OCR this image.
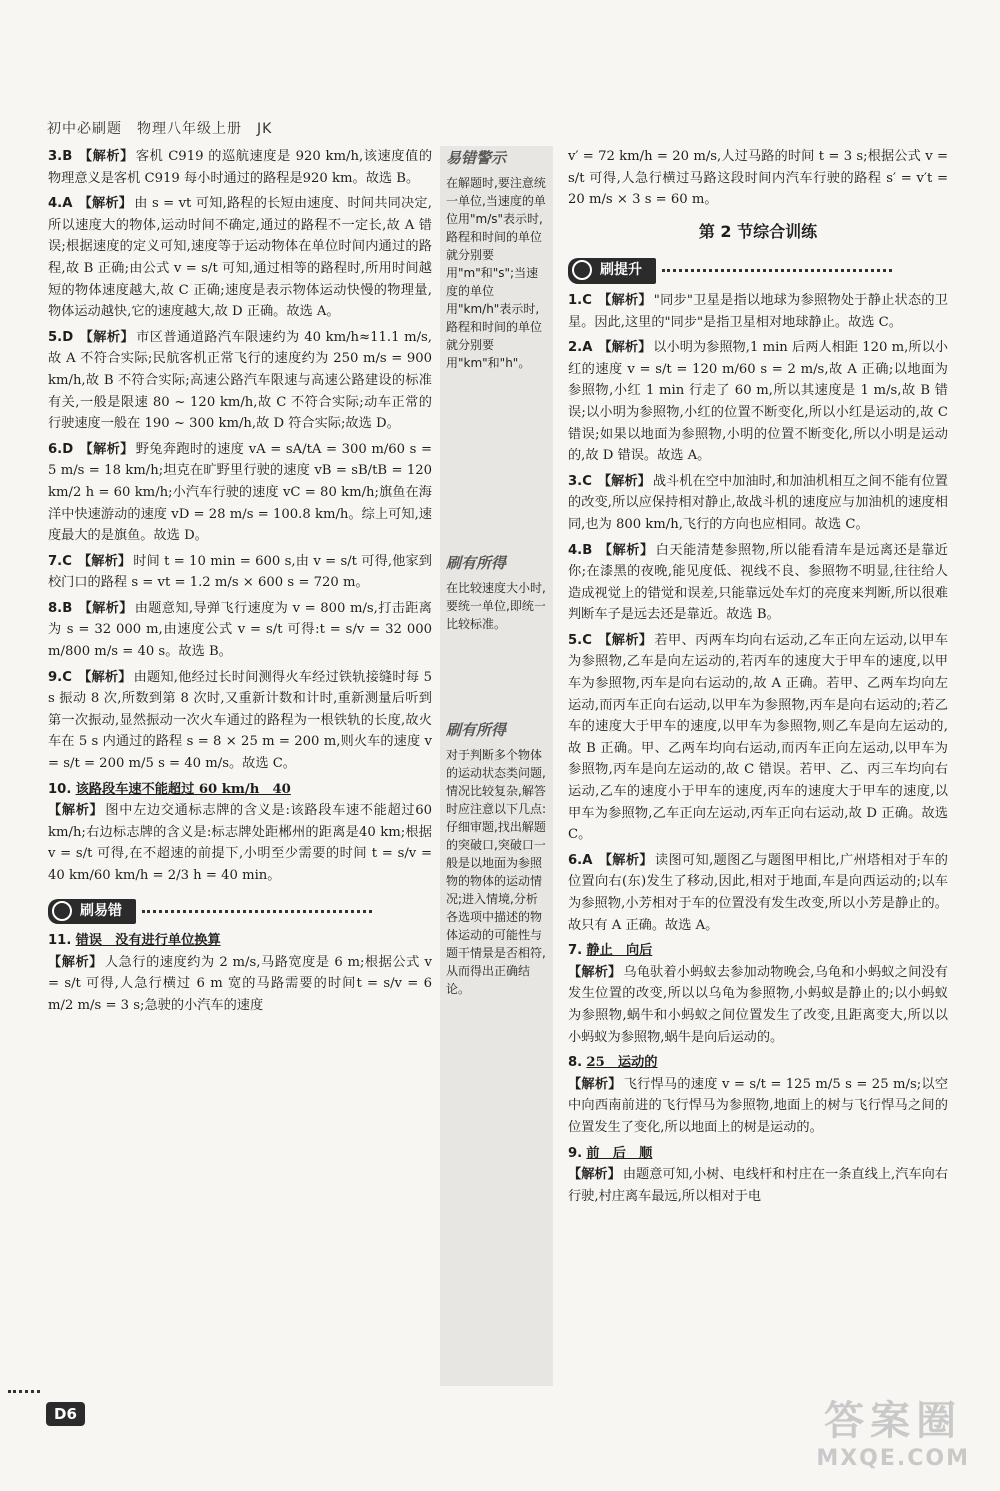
初中必刷题　物理八年级上册　JK
3.B 【解析】 客机 C919 的巡航速度是 920 km/h,该速度值的物理意义是客机 C919 每小时通过的路程是920 km。故选 B。
4.A 【解析】 由 s = vt 可知,路程的长短由速度、时间共同决定,所以速度大的物体,运动时间不确定,通过的路程不一定长,故 A 错误;根据速度的定义可知,速度等于运动物体在单位时间内通过的路程,故 B 正确;由公式 v = s/t 可知,通过相等的路程时,所用时间越短的物体速度越大,故 C 正确;速度是表示物体运动快慢的物理量,物体运动越快,它的速度越大,故 D 正确。故选 A。
5.D 【解析】 市区普通道路汽车限速约为 40 km/h≈11.1 m/s,故 A 不符合实际;民航客机正常飞行的速度约为 250 m/s = 900 km/h,故 B 不符合实际;高速公路汽车限速与高速公路建设的标准有关,一般是限速 80 ~ 120 km/h,故 C 不符合实际;动车正常的行驶速度一般在 190 ~ 300 km/h,故 D 符合实际;故选 D。
6.D 【解析】 野兔奔跑时的速度 vA = sA/tA = 300 m/60 s = 5 m/s = 18 km/h;坦克在旷野里行驶的速度 vB = sB/tB = 120 km/2 h = 60 km/h;小汽车行驶的速度 vC = 80 km/h;旗鱼在海洋中快速游动的速度 vD = 28 m/s = 100.8 km/h。综上可知,速度最大的是旗鱼。故选 D。
7.C 【解析】 时间 t = 10 min = 600 s,由 v = s/t 可得,他家到校门口的路程 s = vt = 1.2 m/s × 600 s = 720 m。
8.B 【解析】 由题意知,导弹飞行速度为 v = 800 m/s,打击距离为 s = 32 000 m,由速度公式 v = s/t 可得:t = s/v = 32 000 m/800 m/s = 40 s。故选 B。
9.C 【解析】 由题知,他经过长时间测得火车经过铁轨接缝时每 5 s 振动 8 次,所数到第 8 次时,又重新计数和计时,重新测量后听到第一次振动,显然振动一次火车通过的路程为一根铁轨的长度,故火车在 5 s 内通过的路程 s = 8 × 25 m = 200 m,则火车的速度 v = s/t = 200 m/5 s = 40 m/s。故选 C。
10. 该路段车速不能超过 60 km/h　40
【解析】 图中左边交通标志牌的含义是:该路段车速不能超过60 km/h;右边标志牌的含义是:标志牌处距郴州的距离是40 km;根据 v = s/t 可得,在不超速的前提下,小明至少需要的时间 t = s/v = 40 km/60 km/h = 2/3 h = 40 min。
刷易错
11. 错误　没有进行单位换算
【解析】 人急行的速度约为 2 m/s,马路宽度是 6 m;根据公式 v = s/t 可得,人急行横过 6 m 宽的马路需要的时间t = s/v = 6 m/2 m/s = 3 s;急驶的小汽车的速度
易错警示
在解题时,要注意统一单位,当速度的单位用"m/s"表示时,路程和时间的单位就分别要用"m"和"s";当速度的单位用"km/h"表示时,路程和时间的单位就分别要用"km"和"h"。
刷有所得
在比较速度大小时,要统一单位,即统一比较标准。
刷有所得
对于判断多个物体的运动状态类问题,情况比较复杂,解答时应注意以下几点:仔细审题,找出解题的突破口,突破口一般是以地面为参照物的物体的运动情况;进入情境,分析各选项中描述的物体运动的可能性与题干情景是否相符,从而得出正确结论。
v′ = 72 km/h = 20 m/s,人过马路的时间 t = 3 s;根据公式 v = s/t 可得,人急行横过马路这段时间内汽车行驶的路程 s′ = v′t = 20 m/s × 3 s = 60 m。
第 2 节综合训练
刷提升
1.C 【解析】 "同步"卫星是指以地球为参照物处于静止状态的卫星。因此,这里的"同步"是指卫星相对地球静止。故选 C。
2.A 【解析】 以小明为参照物,1 min 后两人相距 120 m,所以小红的速度 v = s/t = 120 m/60 s = 2 m/s,故 A 正确;以地面为参照物,小红 1 min 行走了 60 m,所以其速度是 1 m/s,故 B 错误;以小明为参照物,小红的位置不断变化,所以小红是运动的,故 C 错误;如果以地面为参照物,小明的位置不断变化,所以小明是运动的,故 D 错误。故选 A。
3.C 【解析】 战斗机在空中加油时,和加油机相互之间不能有位置的改变,所以应保持相对静止,故战斗机的速度应与加油机的速度相同,也为 800 km/h,飞行的方向也应相同。故选 C。
4.B 【解析】 白天能清楚参照物,所以能看清车是远离还是靠近你;在漆黑的夜晚,能见度低、视线不良、参照物不明显,往往给人造成视觉上的错觉和误差,只能靠远处车灯的亮度来判断,所以很难判断车子是远去还是靠近。故选 B。
5.C 【解析】 若甲、丙两车均向右运动,乙车正向左运动,以甲车为参照物,乙车是向左运动的,若丙车的速度大于甲车的速度,以甲车为参照物,丙车是向右运动的,故 A 正确。若甲、乙两车均向左运动,而丙车正向右运动,以甲车为参照物,丙车是向右运动的;若乙车的速度大于甲车的速度,以甲车为参照物,则乙车是向左运动的,故 B 正确。甲、乙两车均向右运动,而丙车正向左运动,以甲车为参照物,丙车是向左运动的,故 C 错误。若甲、乙、丙三车均向右运动,乙车的速度小于甲车的速度,丙车的速度大于甲车的速度,以甲车为参照物,乙车正向左运动,丙车正向右运动,故 D 正确。故选 C。
6.A 【解析】 读图可知,题图乙与题图甲相比,广州塔相对于车的位置向右(东)发生了移动,因此,相对于地面,车是向西运动的;以车为参照物,小芳相对于车的位置没有发生改变,所以小芳是静止的。故只有 A 正确。故选 A。
7. 静止　向后
【解析】 乌龟驮着小蚂蚁去参加动物晚会,乌龟和小蚂蚁之间没有发生位置的改变,所以以乌龟为参照物,小蚂蚁是静止的;以小蚂蚁为参照物,蜗牛和小蚂蚁之间位置发生了改变,且距离变大,所以以小蚂蚁为参照物,蜗牛是向后运动的。
8. 25　运动的
【解析】 飞行悍马的速度 v = s/t = 125 m/5 s = 25 m/s;以空中向西南前进的飞行悍马为参照物,地面上的树与飞行悍马之间的位置发生了变化,所以地面上的树是运动的。
9. 前　后　顺
【解析】 由题意可知,小树、电线杆和村庄在一条直线上,汽车向右行驶,村庄离车最远,所以相对于电
D6	答案圈
MXQE.COM
